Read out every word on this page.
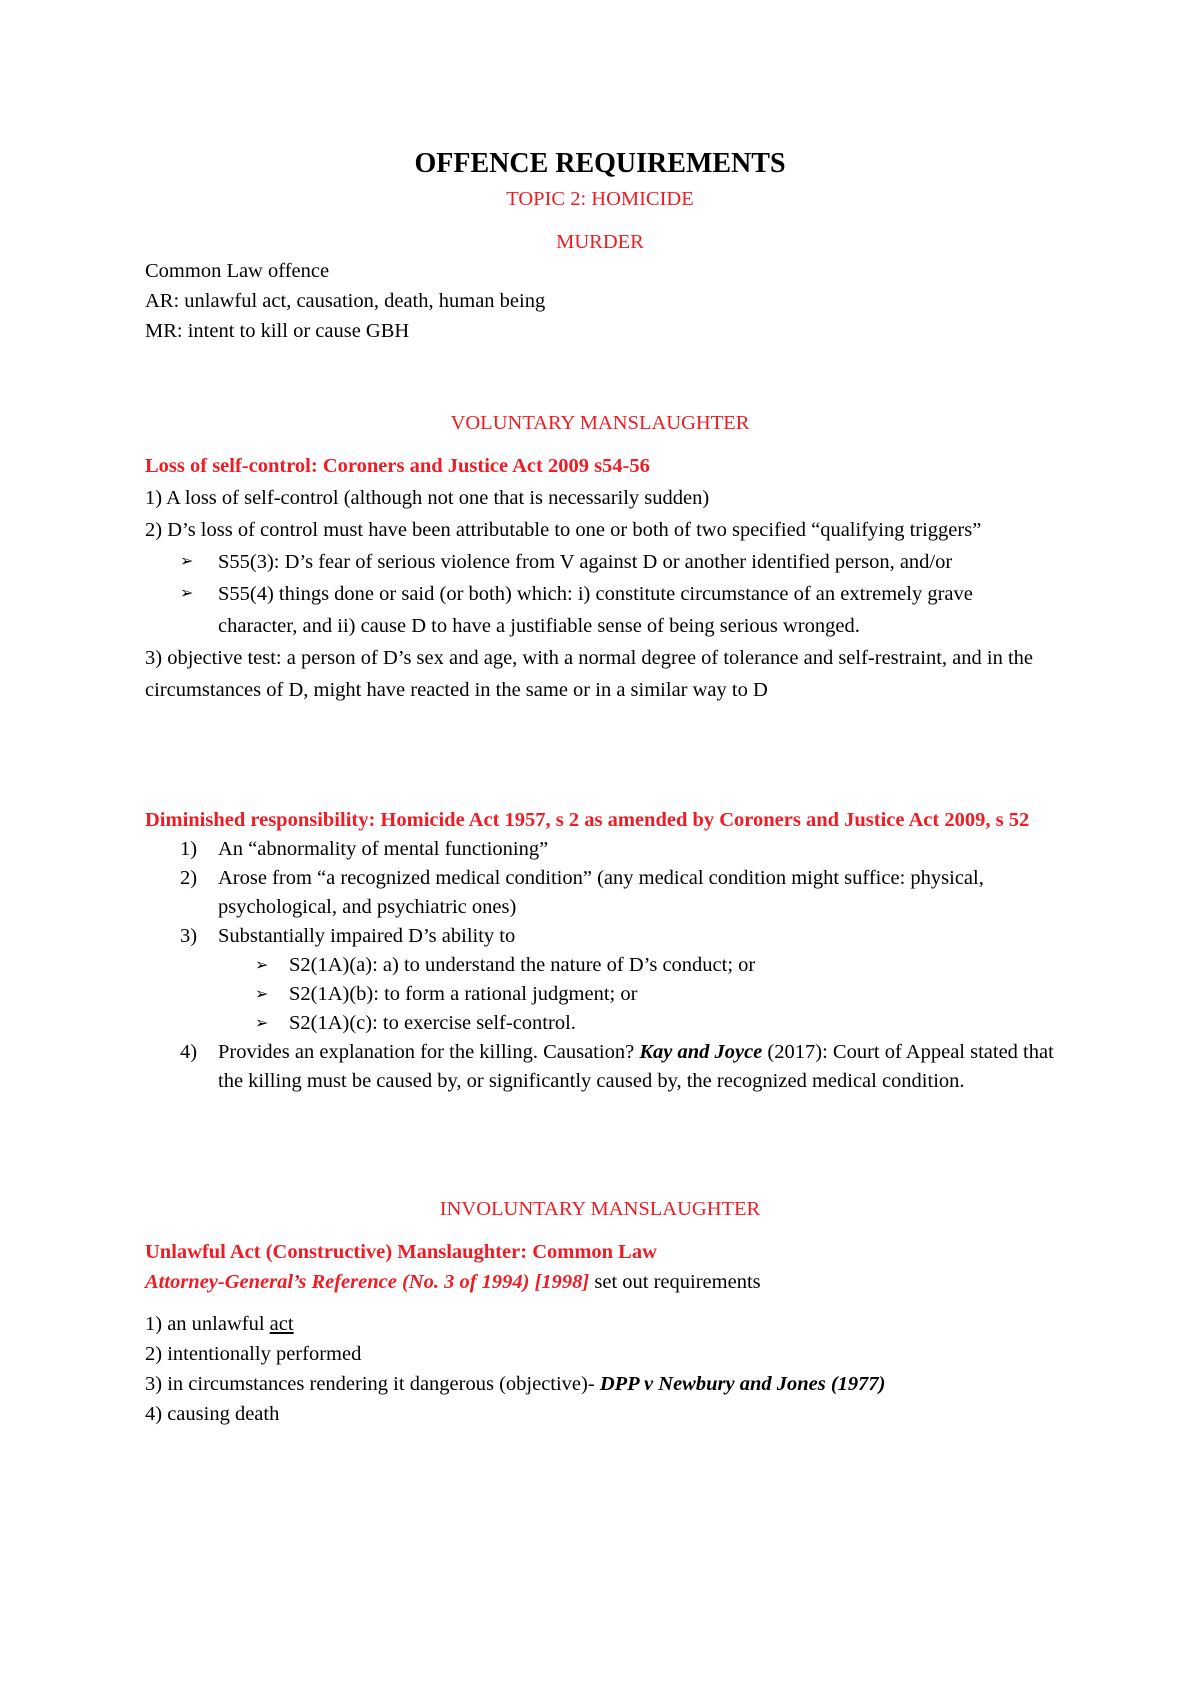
OFFENCE REQUIREMENTS
TOPIC 2: HOMICIDE
MURDER
Common Law offence
AR: unlawful act, causation, death, human being
MR: intent to kill or cause GBH
VOLUNTARY MANSLAUGHTER
Loss of self-control: Coroners and Justice Act 2009 s54-56
1) A loss of self-control (although not one that is necessarily sudden)
2) D’s loss of control must have been attributable to one or both of two specified “qualifying triggers”
➢	S55(3): D’s fear of serious violence from V against D or another identified person, and/or
➢	S55(4) things done or said (or both) which: i) constitute circumstance of an extremely grave character, and ii) cause D to have a justifiable sense of being serious wronged.
3) objective test: a person of D’s sex and age, with a normal degree of tolerance and self-restraint, and in the circumstances of D, might have reacted in the same or in a similar way to D
Diminished responsibility: Homicide Act 1957, s 2 as amended by Coroners and Justice Act 2009, s 52
1)	An “abnormality of mental functioning”
2)	Arose from “a recognized medical condition” (any medical condition might suffice: physical, psychological, and psychiatric ones)
3)	Substantially impaired D’s ability to
➢	S2(1A)(a): a) to understand the nature of D’s conduct; or
➢	S2(1A)(b): to form a rational judgment; or
➢	S2(1A)(c): to exercise self-control.
4)	Provides an explanation for the killing. Causation? Kay and Joyce (2017): Court of Appeal stated that the killing must be caused by, or significantly caused by, the recognized medical condition.
INVOLUNTARY MANSLAUGHTER
Unlawful Act (Constructive) Manslaughter: Common Law
Attorney-General’s Reference (No. 3 of 1994) [1998] set out requirements
1) an unlawful act
2) intentionally performed
3) in circumstances rendering it dangerous (objective)- DPP v Newbury and Jones (1977)
4) causing death
